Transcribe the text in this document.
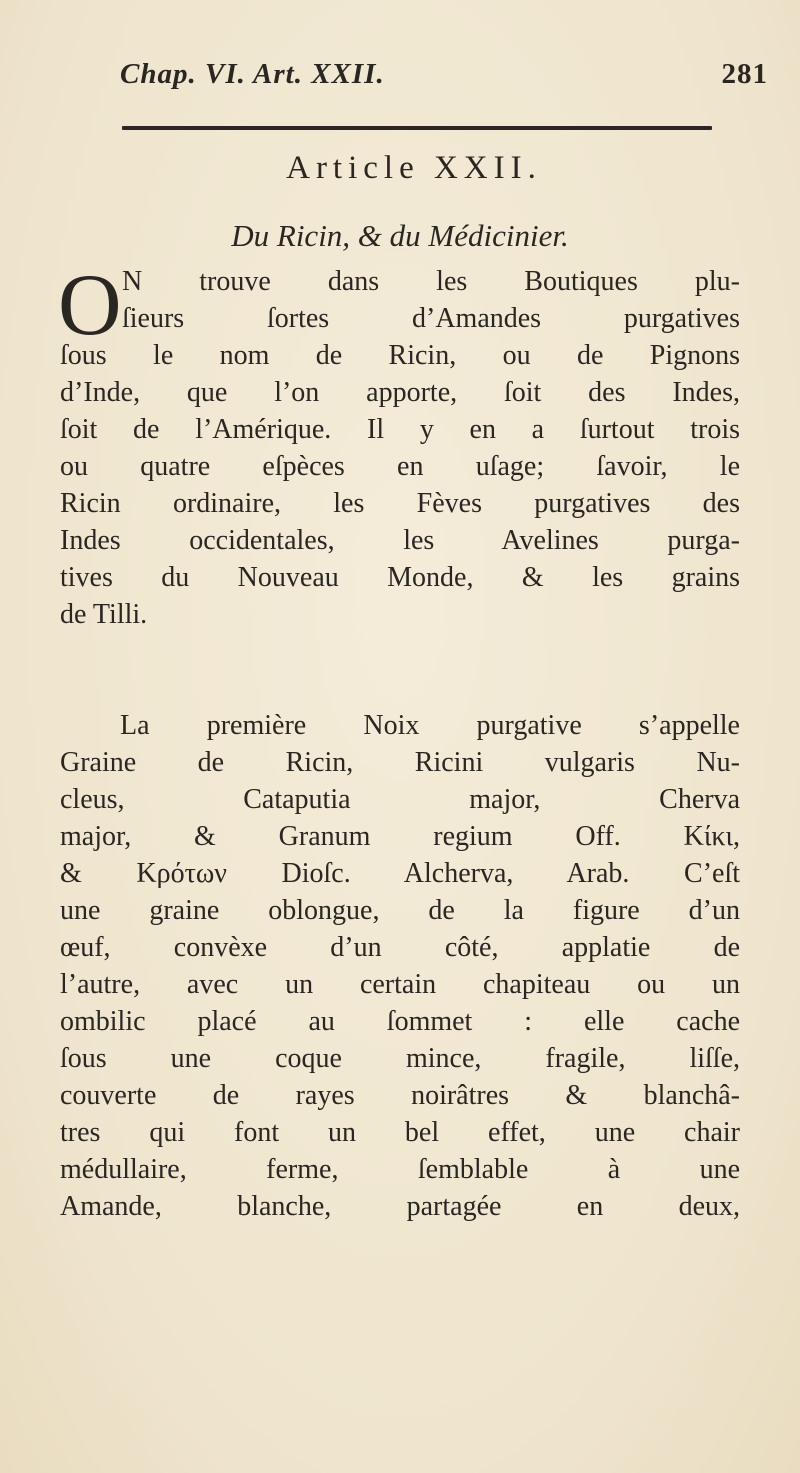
Chap. VI. Art. XXII.	281
Article XXII.
Du Ricin, & du Médicinier.
O N trouve dans les Boutiques plu-
ſieurs ſortes d’Amandes purgatives
ſous le nom de Ricin, ou de Pignons
d’Inde, que l’on apporte, ſoit des Indes,
ſoit de l’Amérique. Il y en a ſurtout trois
ou quatre eſpèces en uſage; ſavoir, le
Ricin ordinaire, les Fèves purgatives des
Indes occidentales, les Avelines purga-
tives du Nouveau Monde, & les grains
de Tilli.
La première Noix purgative s’appelle
Graine de Ricin, Ricini vulgaris Nu-
cleus, Cataputia major, Cherva
major, & Granum regium Off. Κίκι,
& Κρότων Dioſc. Alcherva, Arab. C’eſt
une graine oblongue, de la figure d’un
œuf, convèxe d’un côté, applatie de
l’autre, avec un certain chapiteau ou un
ombilic placé au ſommet : elle cache
ſous une coque mince, fragile, liſſe,
couverte de rayes noirâtres & blanchâ-
tres qui font un bel effet, une chair
médullaire, ferme, ſemblable à une
Amande, blanche, partagée en deux,
